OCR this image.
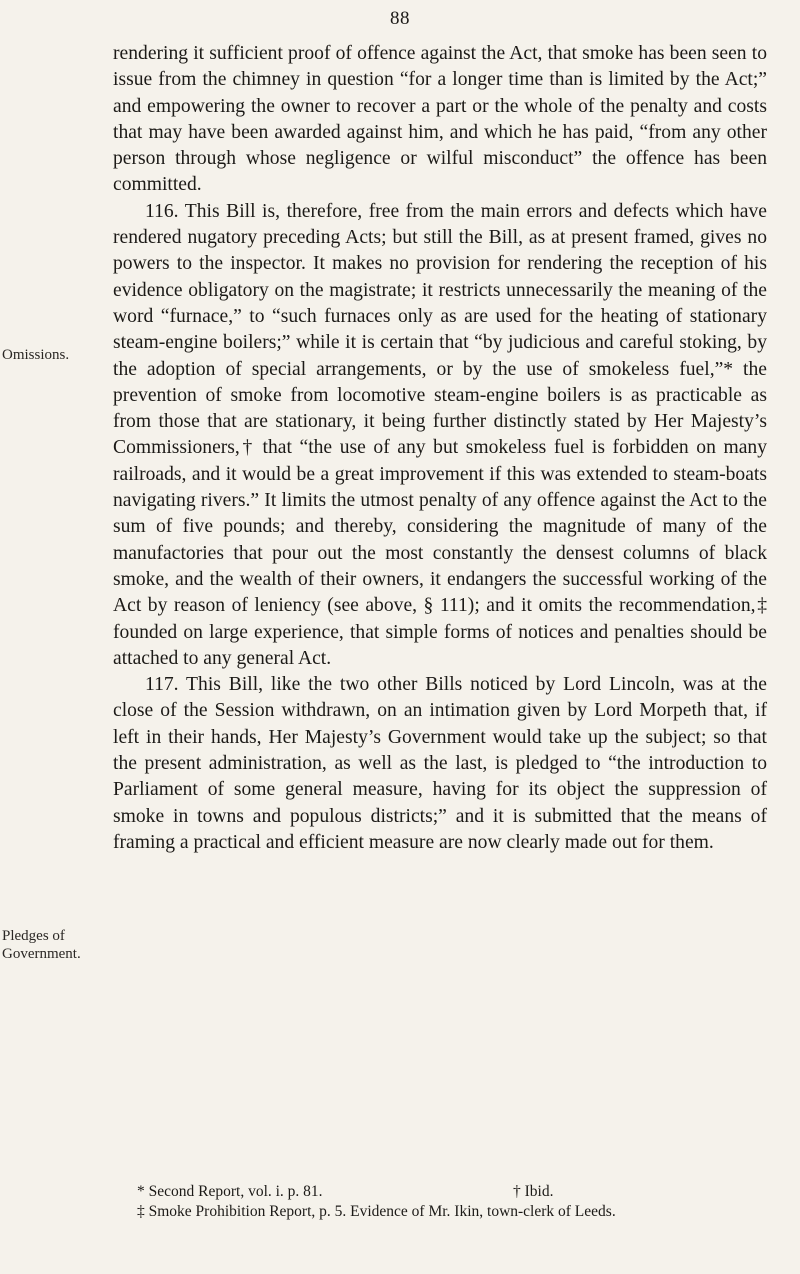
88
Omissions.
Pledges of Government.

rendering it sufficient proof of offence against the Act, that smoke has been seen to issue from the chimney in question “for a longer time than is limited by the Act;” and empowering the owner to recover a part or the whole of the penalty and costs that may have been awarded against him, and which he has paid, “from any other person through whose negligence or wilful misconduct” the offence has been committed.

116. This Bill is, therefore, free from the main errors and defects which have rendered nugatory preceding Acts; but still the Bill, as at present framed, gives no powers to the inspector. It makes no provision for rendering the reception of his evidence obligatory on the magistrate; it restricts unnecessarily the meaning of the word “furnace,” to “such furnaces only as are used for the heating of stationary steam-engine boilers;” while it is certain that “by judicious and careful stoking, by the adoption of special arrangements, or by the use of smokeless fuel,”* the prevention of smoke from locomotive steam-engine boilers is as practicable as from those that are stationary, it being further distinctly stated by Her Majesty’s Commissioners,† that “the use of any but smokeless fuel is forbidden on many railroads, and it would be a great improvement if this was extended to steam-boats navigating rivers.” It limits the utmost penalty of any offence against the Act to the sum of five pounds; and thereby, considering the magnitude of many of the manufactories that pour out the most constantly the densest columns of black smoke, and the wealth of their owners, it endangers the successful working of the Act by reason of leniency (see above, § 111); and it omits the recommendation,‡ founded on large experience, that simple forms of notices and penalties should be attached to any general Act.

117. This Bill, like the two other Bills noticed by Lord Lincoln, was at the close of the Session withdrawn, on an intimation given by Lord Morpeth that, if left in their hands, Her Majesty’s Government would take up the subject; so that the present administration, as well as the last, is pledged to “the introduction to Parliament of some general measure, having for its object the suppression of smoke in towns and populous districts;” and it is submitted that the means of framing a practical and efficient measure are now clearly made out for them.

* Second Report, vol. i. p. 81.	† Ibid.
‡ Smoke Prohibition Report, p. 5. Evidence of Mr. Ikin, town-clerk of Leeds.
